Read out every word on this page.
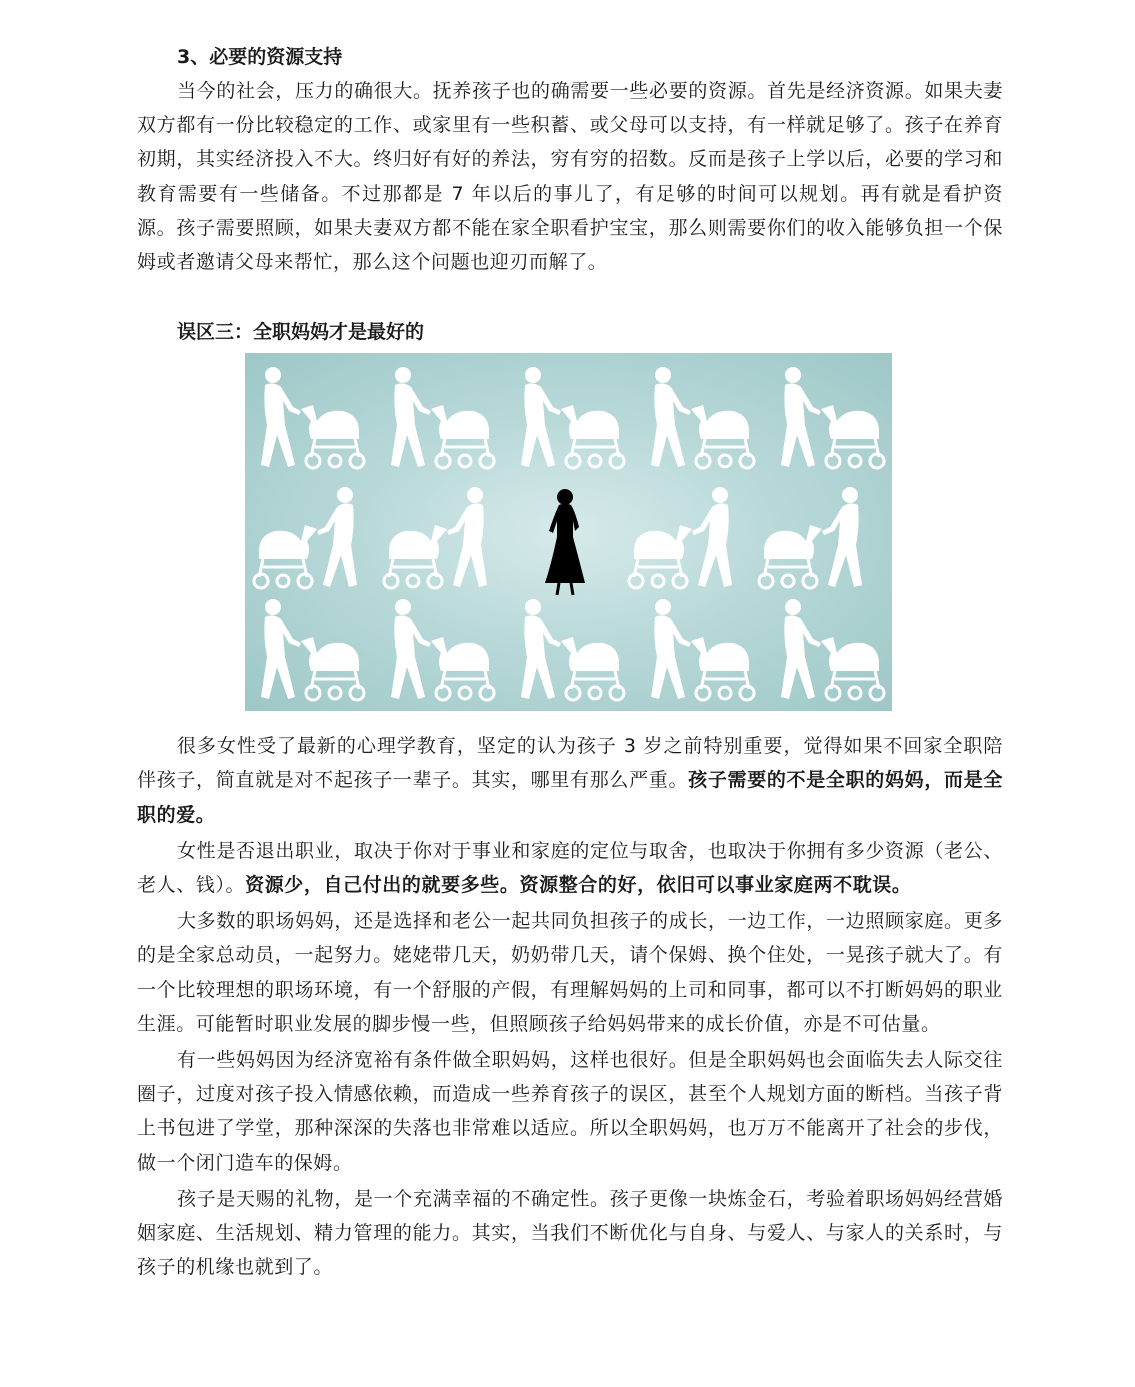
3、必要的资源支持

当今的社会，压力的确很大。抚养孩子也的确需要一些必要的资源。首先是经济资源。如果夫妻双方都有一份比较稳定的工作、或家里有一些积蓄、或父母可以支持，有一样就足够了。孩子在养育初期，其实经济投入不大。终归好有好的养法，穷有穷的招数。反而是孩子上学以后，必要的学习和教育需要有一些储备。不过那都是 7 年以后的事儿了，有足够的时间可以规划。再有就是看护资源。孩子需要照顾，如果夫妻双方都不能在家全职看护宝宝，那么则需要你们的收入能够负担一个保姆或者邀请父母来帮忙，那么这个问题也迎刃而解了。

误区三：全职妈妈才是最好的

很多女性受了最新的心理学教育，坚定的认为孩子 3 岁之前特别重要，觉得如果不回家全职陪伴孩子，简直就是对不起孩子一辈子。其实，哪里有那么严重。孩子需要的不是全职的妈妈，而是全职的爱。

女性是否退出职业，取决于你对于事业和家庭的定位与取舍，也取决于你拥有多少资源（老公、老人、钱）。资源少，自己付出的就要多些。资源整合的好，依旧可以事业家庭两不耽误。

大多数的职场妈妈，还是选择和老公一起共同负担孩子的成长，一边工作，一边照顾家庭。更多的是全家总动员，一起努力。姥姥带几天，奶奶带几天，请个保姆、换个住处，一晃孩子就大了。有一个比较理想的职场环境，有一个舒服的产假，有理解妈妈的上司和同事，都可以不打断妈妈的职业生涯。可能暂时职业发展的脚步慢一些，但照顾孩子给妈妈带来的成长价值，亦是不可估量。

有一些妈妈因为经济宽裕有条件做全职妈妈，这样也很好。但是全职妈妈也会面临失去人际交往圈子，过度对孩子投入情感依赖，而造成一些养育孩子的误区，甚至个人规划方面的断档。当孩子背上书包进了学堂，那种深深的失落也非常难以适应。所以全职妈妈，也万万不能离开了社会的步伐，做一个闭门造车的保姆。

孩子是天赐的礼物，是一个充满幸福的不确定性。孩子更像一块炼金石，考验着职场妈妈经营婚姻家庭、生活规划、精力管理的能力。其实，当我们不断优化与自身、与爱人、与家人的关系时，与孩子的机缘也就到了。
